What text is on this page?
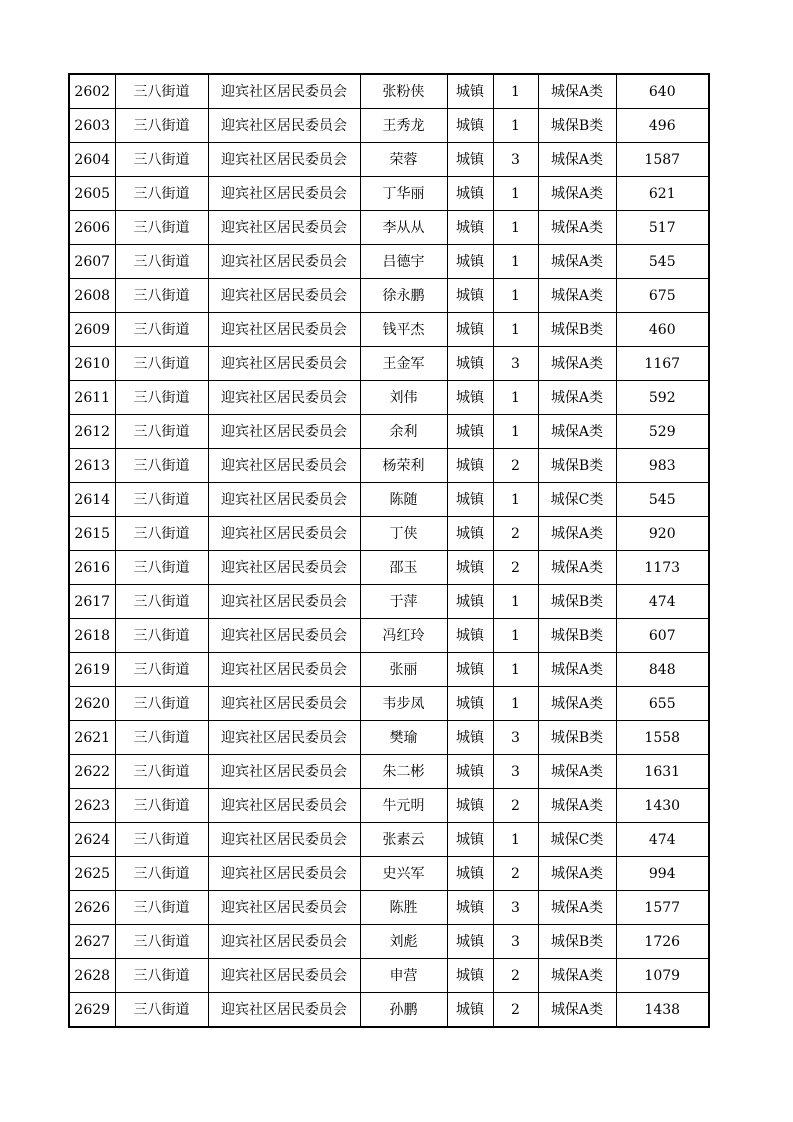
2602	三八街道	迎宾社区居民委员会	张粉侠	城镇	1	城保A类	640
2603	三八街道	迎宾社区居民委员会	王秀龙	城镇	1	城保B类	496
2604	三八街道	迎宾社区居民委员会	荣蓉	城镇	3	城保A类	1587
2605	三八街道	迎宾社区居民委员会	丁华丽	城镇	1	城保A类	621
2606	三八街道	迎宾社区居民委员会	李从从	城镇	1	城保A类	517
2607	三八街道	迎宾社区居民委员会	吕德宇	城镇	1	城保A类	545
2608	三八街道	迎宾社区居民委员会	徐永鹏	城镇	1	城保A类	675
2609	三八街道	迎宾社区居民委员会	钱平杰	城镇	1	城保B类	460
2610	三八街道	迎宾社区居民委员会	王金军	城镇	3	城保A类	1167
2611	三八街道	迎宾社区居民委员会	刘伟	城镇	1	城保A类	592
2612	三八街道	迎宾社区居民委员会	余利	城镇	1	城保A类	529
2613	三八街道	迎宾社区居民委员会	杨荣利	城镇	2	城保B类	983
2614	三八街道	迎宾社区居民委员会	陈随	城镇	1	城保C类	545
2615	三八街道	迎宾社区居民委员会	丁侠	城镇	2	城保A类	920
2616	三八街道	迎宾社区居民委员会	邵玉	城镇	2	城保A类	1173
2617	三八街道	迎宾社区居民委员会	于萍	城镇	1	城保B类	474
2618	三八街道	迎宾社区居民委员会	冯红玲	城镇	1	城保B类	607
2619	三八街道	迎宾社区居民委员会	张丽	城镇	1	城保A类	848
2620	三八街道	迎宾社区居民委员会	韦步凤	城镇	1	城保A类	655
2621	三八街道	迎宾社区居民委员会	樊瑜	城镇	3	城保B类	1558
2622	三八街道	迎宾社区居民委员会	朱二彬	城镇	3	城保A类	1631
2623	三八街道	迎宾社区居民委员会	牛元明	城镇	2	城保A类	1430
2624	三八街道	迎宾社区居民委员会	张素云	城镇	1	城保C类	474
2625	三八街道	迎宾社区居民委员会	史兴军	城镇	2	城保A类	994
2626	三八街道	迎宾社区居民委员会	陈胜	城镇	3	城保A类	1577
2627	三八街道	迎宾社区居民委员会	刘彪	城镇	3	城保B类	1726
2628	三八街道	迎宾社区居民委员会	申营	城镇	2	城保A类	1079
2629	三八街道	迎宾社区居民委员会	孙鹏	城镇	2	城保A类	1438
